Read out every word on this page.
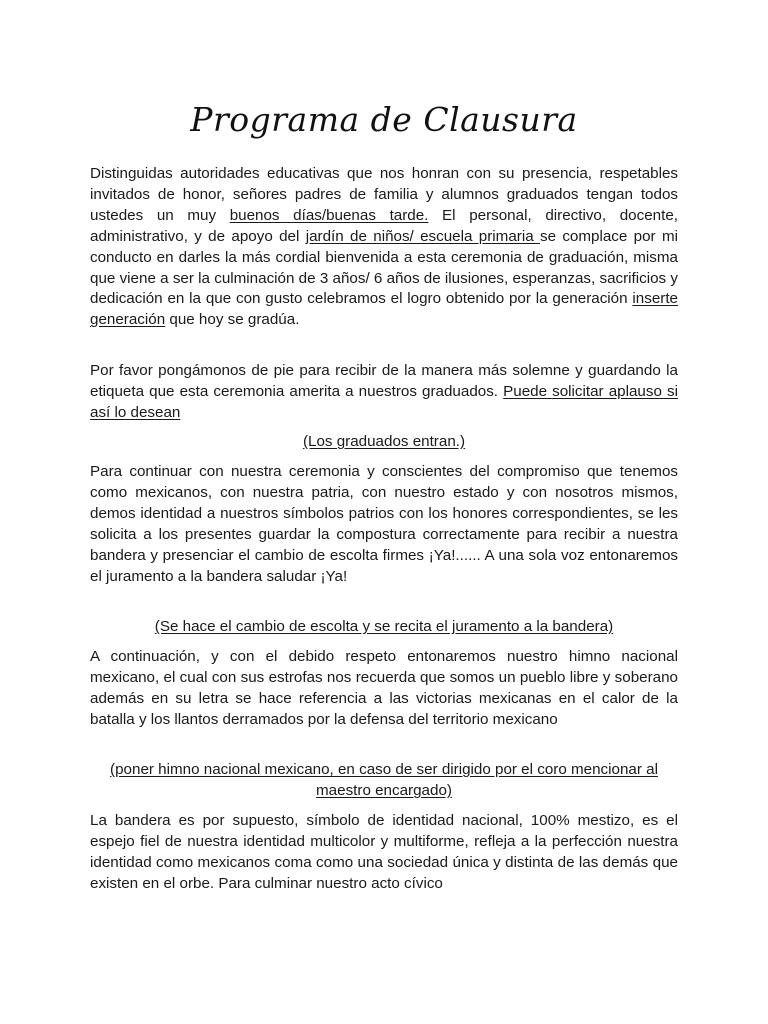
Programa de Clausura

Distinguidas autoridades educativas que nos honran con su presencia, respetables invitados de honor, señores padres de familia y alumnos graduados tengan todos ustedes un muy buenos días/buenas tarde. El personal, directivo, docente, administrativo, y de apoyo del jardín de niños/ escuela primaria se complace por mi conducto en darles la más cordial bienvenida a esta ceremonia de graduación, misma que viene a ser la culminación de 3 años/ 6 años de ilusiones, esperanzas, sacrificios y dedicación en la que con gusto celebramos el logro obtenido por la generación inserte generación que hoy se gradúa.

Por favor pongámonos de pie para recibir de la manera más solemne y guardando la etiqueta que esta ceremonia amerita a nuestros graduados. Puede solicitar aplauso si así lo desean

(Los graduados entran.)

Para continuar con nuestra ceremonia y conscientes del compromiso que tenemos como mexicanos, con nuestra patria, con nuestro estado y con nosotros mismos, demos identidad a nuestros símbolos patrios con los honores correspondientes, se les solicita a los presentes guardar la compostura correctamente para recibir a nuestra bandera y presenciar el cambio de escolta firmes ¡Ya!...... A una sola voz entonaremos el juramento a la bandera saludar ¡Ya!

(Se hace el cambio de escolta y se recita el juramento a la bandera)

A continuación, y con el debido respeto entonaremos nuestro himno nacional mexicano, el cual con sus estrofas nos recuerda que somos un pueblo libre y soberano además en su letra se hace referencia a las victorias mexicanas en el calor de la batalla y los llantos derramados por la defensa del territorio mexicano

(poner himno nacional mexicano, en caso de ser dirigido por el coro mencionar al maestro encargado)

La bandera es por supuesto, símbolo de identidad nacional, 100% mestizo, es el espejo fiel de nuestra identidad multicolor y multiforme, refleja a la perfección nuestra identidad como mexicanos coma como una sociedad única y distinta de las demás que existen en el orbe. Para culminar nuestro acto cívico
